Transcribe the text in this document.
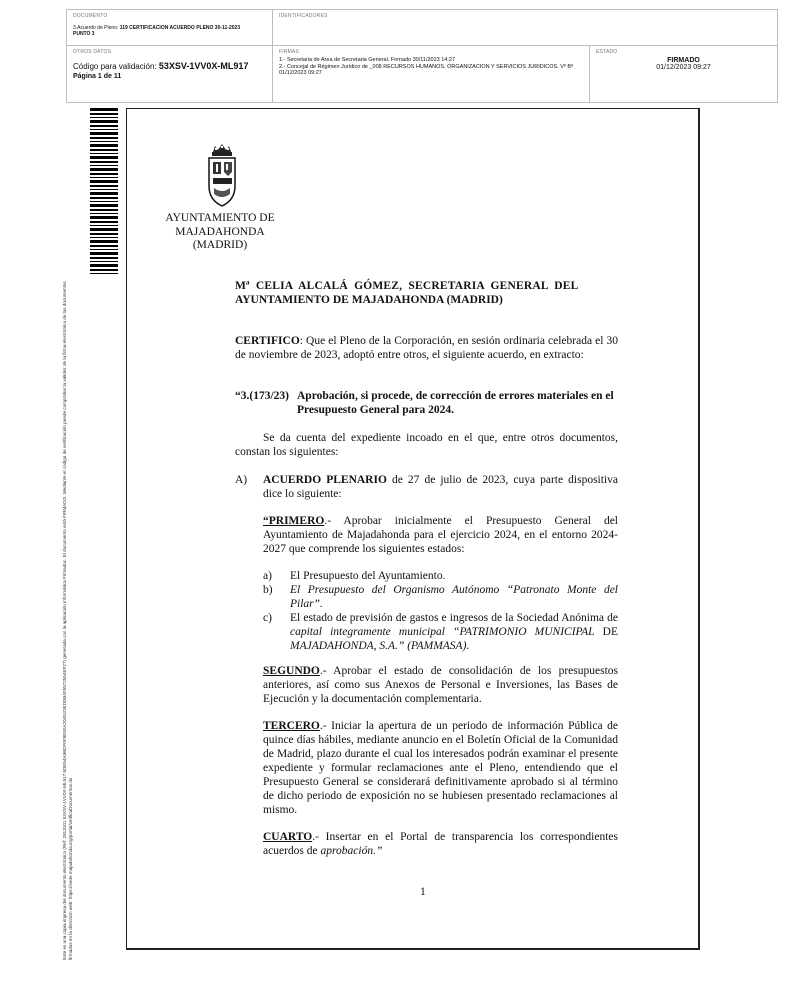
DOCUMENTO
3.Acuerdo de Pleno: 119 CERTIFICACION ACUERDO PLENO 30-11-2023
PUNTO 3
IDENTIFICADORES
OTROS DATOS
Código para validación: 53XSV-1VV0X-ML917
Página 1 de 11
FIRMAS
1.- Secretaria de Area de Secretaria General. Firmado 30/11/2023 14:27
2.- Concejal de Régimen Jurídico de _008 RECURSOS HUMANOS, ORGANIZACIÓN Y SERVICIOS JURIDICOS. Vº Bº
01/12/2023 09:27
ESTADO
FIRMADO
01/12/2023 09:27
Este es una copia impresa del documento electrónico (Ref: 2813101 53XSV-1VV0X-ML917 6DE54A9BDF0F8E92A20451DEDDB4F5572554EF27) generada con la aplicación informática Firmadoc. El documento está FIRMADO. Mediante el código de verificación puede comprobar la validez de la firma electrónica de los documentos firmados en la dirección web: https://sede.majadahonda.org/portal/verificaDocumentos.do
AYUNTAMIENTO DE
MAJADAHONDA
(MADRID)
Mª  CELIA  ALCALÁ  GÓMEZ,  SECRETARIA  GENERAL  DEL
AYUNTAMIENTO DE MAJADAHONDA (MADRID)
CERTIFICO: Que el Pleno de la Corporación, en sesión ordinaria celebrada el 30 de noviembre de 2023, adoptó entre otros, el siguiente acuerdo, en extracto:
“3.(173/23) Aprobación, si procede, de corrección de errores materiales en el Presupuesto General para 2024.
Se da cuenta del expediente incoado en el que, entre otros documentos, constan los siguientes:
A) ACUERDO PLENARIO de 27 de julio de 2023, cuya parte dispositiva dice lo siguiente:
“PRIMERO.- Aprobar inicialmente el Presupuesto General del Ayuntamiento de Majadahonda para el ejercicio 2024, en el entorno 2024-2027 que comprende los siguientes estados:
a) El Presupuesto del Ayuntamiento.
b) El Presupuesto del Organismo Autónomo “Patronato Monte del Pilar”.
c) El estado de previsión de gastos e ingresos de la Sociedad Anónima de capital integramente municipal “PATRIMONIO MUNICIPAL DE MAJADAHONDA, S.A.” (PAMMASA).
SEGUNDO.- Aprobar el estado de consolidación de los presupuestos anteriores, así como sus Anexos de Personal e Inversiones, las Bases de Ejecución y la documentación complementaria.
TERCERO.- Iniciar la apertura de un periodo de información Pública de quince días hábiles, mediante anuncio en el Boletín Oficial de la Comunidad de Madrid, plazo durante el cual los interesados podrán examinar el presente expediente y formular reclamaciones ante el Pleno, entendiendo que el Presupuesto General se considerará definitivamente aprobado si al término de dicho periodo de exposición no se hubiesen presentado reclamaciones al mismo.
CUARTO.- Insertar en el Portal de transparencia los correspondientes acuerdos de aprobación.”
1
